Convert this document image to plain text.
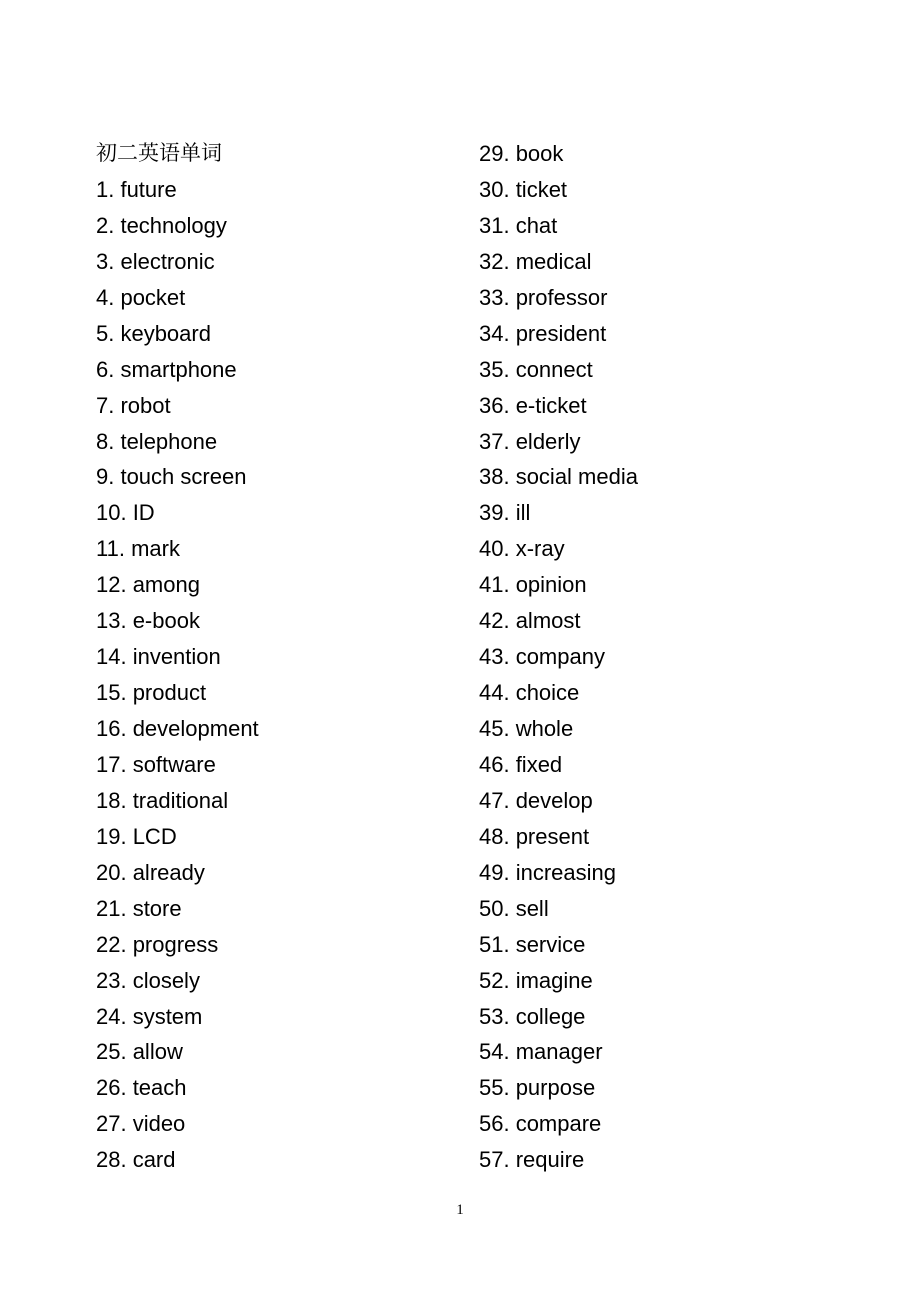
初二英语单词
1. future
2. technology
3. electronic
4. pocket
5. keyboard
6. smartphone
7. robot
8. telephone
9. touch screen
10. ID
11. mark
12. among
13. e-book
14. invention
15. product
16. development
17. software
18. traditional
19. LCD
20. already
21. store
22. progress
23. closely
24. system
25. allow
26. teach
27. video
28. card
29. book
30. ticket
31. chat
32. medical
33. professor
34. president
35. connect
36. e-ticket
37. elderly
38. social media
39. ill
40. x-ray
41. opinion
42. almost
43. company
44. choice
45. whole
46. fixed
47. develop
48. present
49. increasing
50. sell
51. service
52. imagine
53. college
54. manager
55. purpose
56. compare
57. require
1
